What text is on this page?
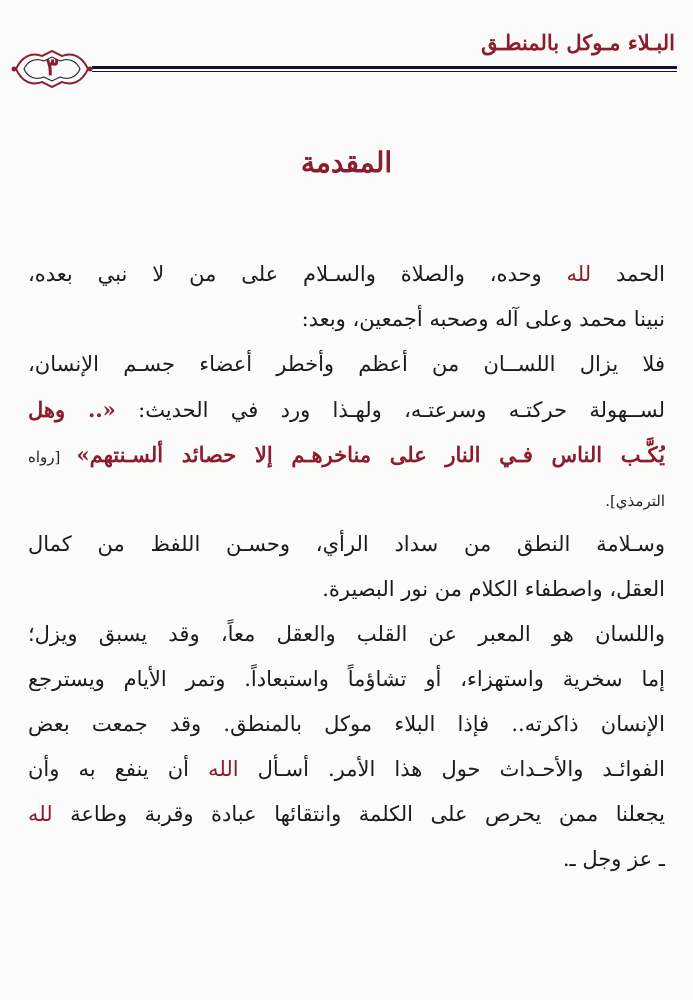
البـلاء مـوكل بالمنطـق
٣
المقدمة
الحمد لله وحده، والصلاة والسـلام على من لا نبي بعده،
نبينا محمد وعلى آله وصحبه أجمعين، وبعد:
فلا يزال اللســان من أعظم وأخطر أعضاء جسـم الإنسان،
لســهولة حركتـه وسرعتـه، ولهـذا ورد في الحديث: «.. وهل
يُكَّـب الناس فـي النار على مناخرهـم إلا حصائد ألسـنتهم» [رواه
الترمذي].
وسـلامة النطق من سداد الرأي، وحسـن اللفظ من كمال
العقل، واصطفاء الكلام من نور البصيرة.
واللسان هو المعبر عن القلب والعقل معاً، وقد يسبق ويزل؛
إما سخرية واستهزاء، أو تشاؤماً واستبعاداً. وتمر الأيام ويسترجع
الإنسان ذاكرته.. فإذا البلاء موكل بالمنطق. وقد جمعت بعض
الفوائـد والأحـداث حول هذا الأمر. أسـأل الله أن ينفع به وأن
يجعلنا ممن يحرص على الكلمة وانتقائها عبادة وقربة وطاعة لله
ـ عز وجل ـ.
